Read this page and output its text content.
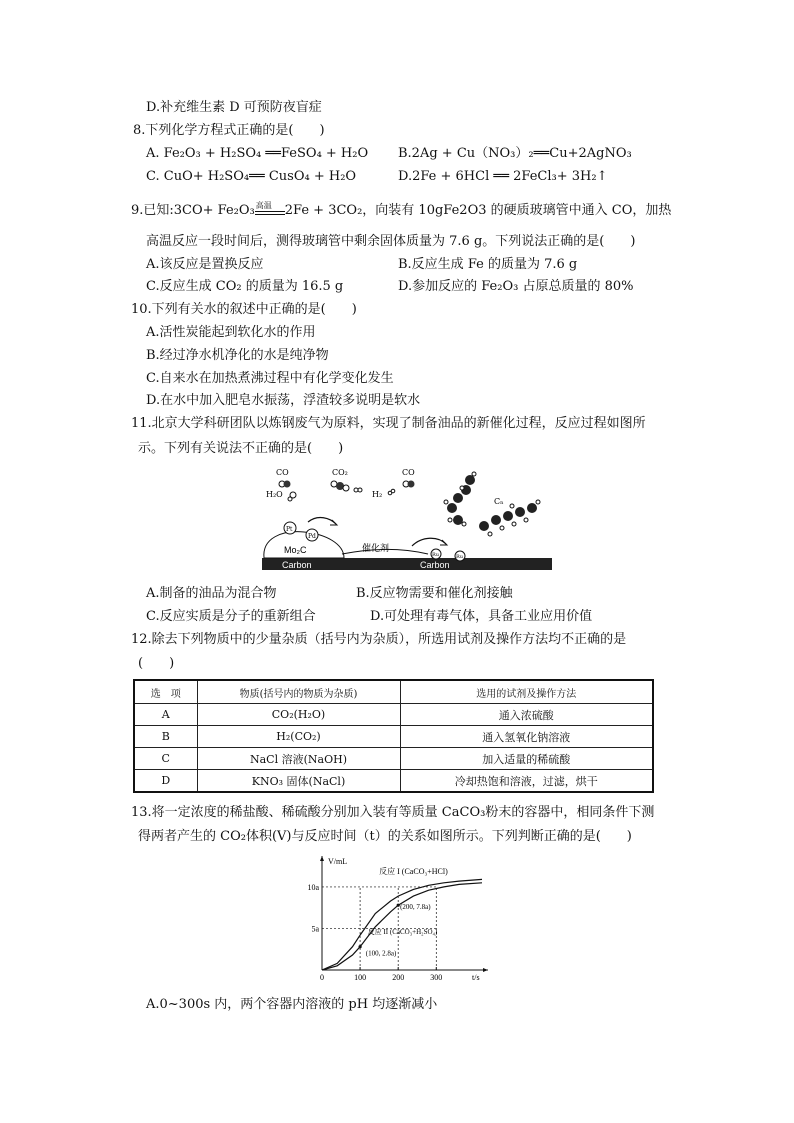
D.补充维生素 D 可预防夜盲症
8.下列化学方程式正确的是(　　)
A. Fe₂O₃ + H₂SO₄ ══FeSO₄ + H₂O B.2Ag + Cu（NO₃）₂══Cu+2AgNO₃
C. CuO+ H₂SO₄══ CusO₄ + H₂O	D.2Fe + 6HCl ══ 2FeCl₃+ 3H₂↑
9.已知:3CO+ Fe₂O₃ 高温 2Fe + 3CO₂，向装有 10gFe2O3 的硬质玻璃管中通入 CO，加热
高温反应一段时间后，测得玻璃管中剩余固体质量为 7.6 g。下列说法正确的是(　　)
A.该反应是置换反应	B.反应生成 Fe 的质量为 7.6 g
C.反应生成 CO₂ 的质量为 16.5 g	D.参加反应的 Fe₂O₃ 占原总质量的 80%
10.下列有关水的叙述中正确的是(　　)
A.活性炭能起到软化水的作用
B.经过净水机净化的水是纯净物
C.自来水在加热煮沸过程中有化学变化发生
D.在水中加入肥皂水振荡，浮渣较多说明是软水
11.北京大学科研团队以炼钢废气为原料，实现了制备油品的新催化过程，反应过程如图所
示。下列有关说法不正确的是(　　)
Carbon	Carbon
Mo₂C
Pt
Pd
催化剂
Ru	Ru
CO
H₂O
CO₂
H₂
CO
Cₙ
A.制备的油品为混合物	B.反应物需要和催化剂接触
C.反应实质是分子的重新组合	D.可处理有毒气体，具备工业应用价值
12.除去下列物质中的少量杂质（括号内为杂质），所选用试剂及操作方法均不正确的是
(　　)
选　项	物质(括号内的物质为杂质)	选用的试剂及操作方法
A	CO₂(H₂O)	通入浓硫酸
B	H₂(CO₂)	通入氢氧化钠溶液
C	NaCl 溶液(NaOH)	加入适量的稀硫酸
D	KNO₃ 固体(NaCl)	冷却热饱和溶液，过滤，烘干
13.将一定浓度的稀盐酸、稀硫酸分别加入装有等质量 CaCO₃粉末的容器中，相同条件下测
得两者产生的 CO₂体积(V)与反应时间（t）的关系如图所示。下列判断正确的是(　　)
V/mL
t/s
0	100	200	300
5a
10a
反应 I (CaCO₃+HCl)
反应 II (CaCO₃+H₂SO₄)
(200, 7.8a)
(100, 2.8a)
A.0~300s 内，两个容器内溶液的 pH 均逐渐减小
